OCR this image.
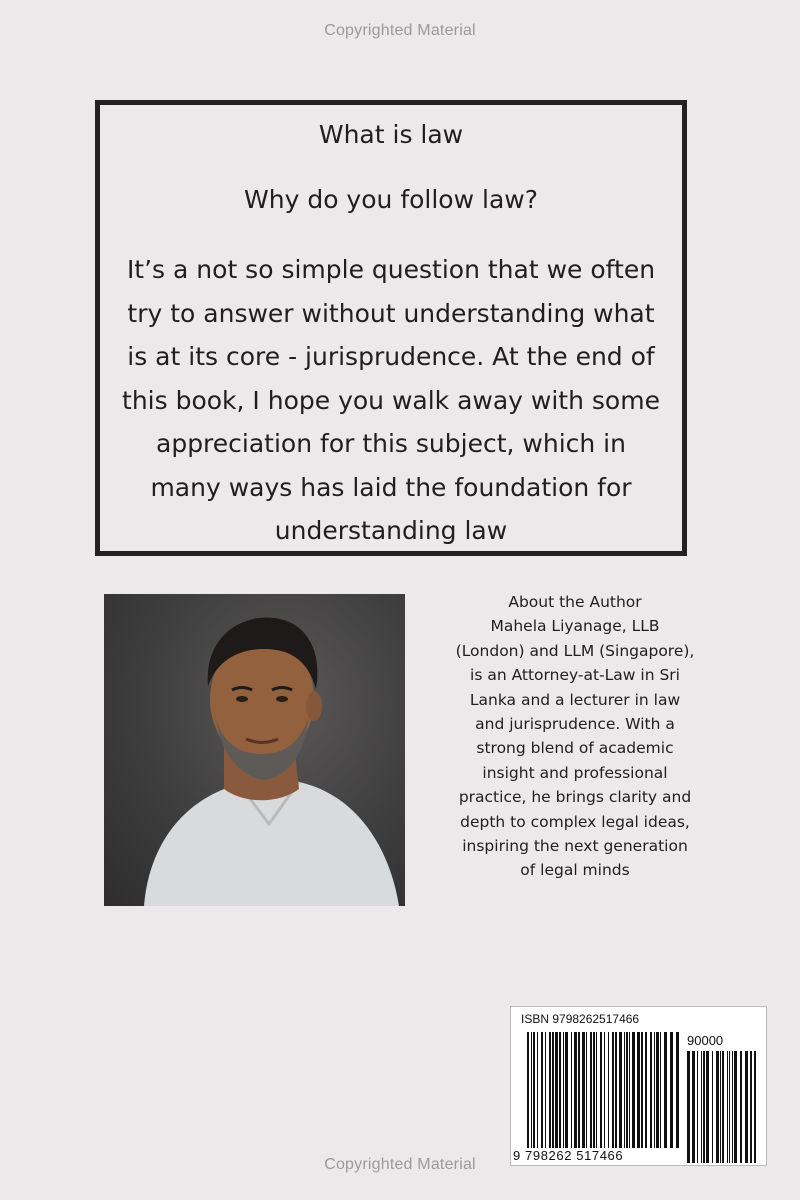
Copyrighted Material

What is law

Why do you follow law?

It’s a not so simple question that we often try to answer without understanding what is at its core - jurisprudence. At the end of this book, I hope you walk away with some appreciation for this subject, which in many ways has laid the foundation for understanding law

About the Author
Mahela Liyanage, LLB
(London) and LLM (Singapore),
is an Attorney-at-Law in Sri
Lanka and a lecturer in law
and jurisprudence. With a
strong blend of academic
insight and professional
practice, he brings clarity and
depth to complex legal ideas,
inspiring the next generation
of legal minds
ISBN 9798262517466
90000
9 798262 517466
Copyrighted Material
